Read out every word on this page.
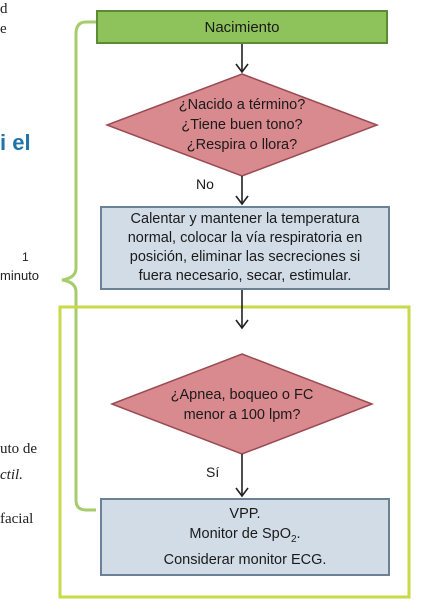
d
e
i el
1
minuto
uto de
ctil.
facial
Nacimiento
¿Nacido a término?
¿Tiene buen tono?
¿Respira o llora?
No
Calentar y mantener la temperatura
normal, colocar la vía respiratoria en
posición, eliminar las secreciones si
fuera necesario, secar, estimular.
¿Apnea, boqueo o FC
menor a 100 lpm?
Sí
VPP.
Monitor de SpO$_2$.
Considerar monitor ECG.
